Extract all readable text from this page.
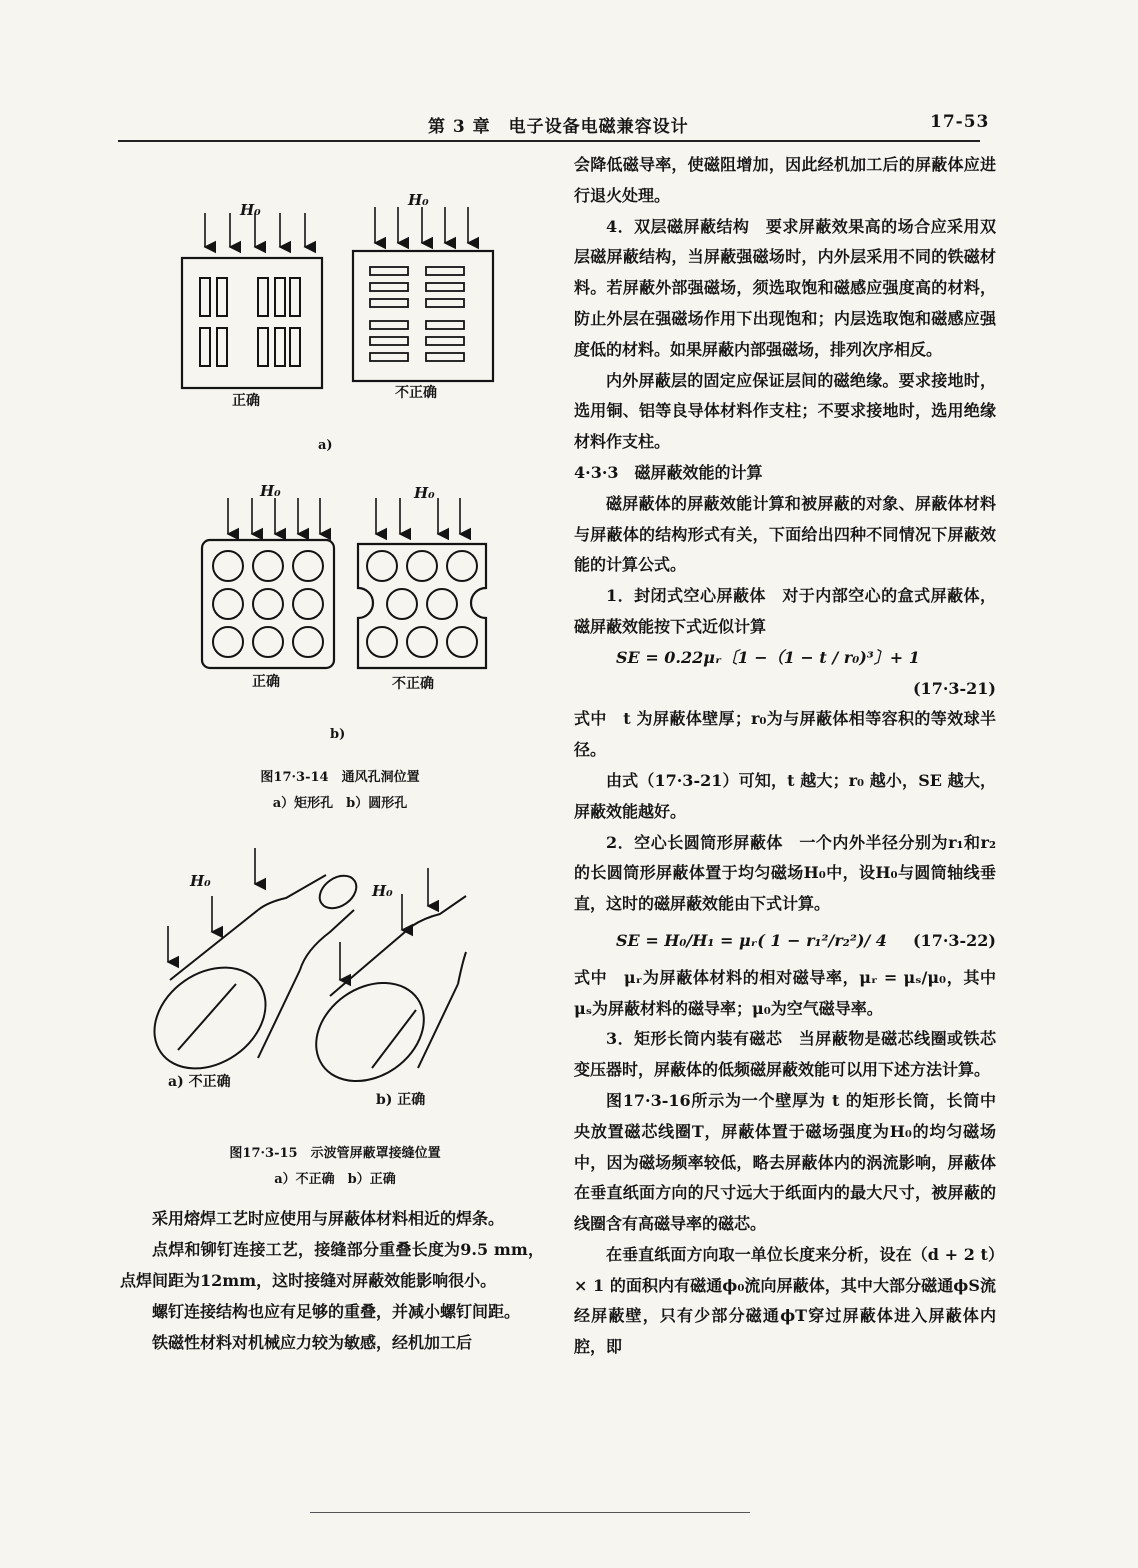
第 3 章　电子设备电磁兼容设计	17-53
H₀
正确
H₀
不正确
a)
H₀
正确
H₀
不正确
b)
图17·3-14　通风孔洞位置
a）矩形孔　b）圆形孔
H₀
a) 不正确
H₀
b) 正确
图17·3-15　示波管屏蔽罩接缝位置
a）不正确　b）正确

采用熔焊工艺时应使用与屏蔽体材料相近的焊条。

点焊和铆钉连接工艺，接缝部分重叠长度为9.5 mm，点焊间距为12mm，这时接缝对屏蔽效能影响很小。

螺钉连接结构也应有足够的重叠，并减小螺钉间距。

铁磁性材料对机械应力较为敏感，经机加工后

会降低磁导率，使磁阻增加，因此经机加工后的屏蔽体应进行退火处理。

4．双层磁屏蔽结构　要求屏蔽效果高的场合应采用双层磁屏蔽结构，当屏蔽强磁场时，内外层采用不同的铁磁材料。若屏蔽外部强磁场，须选取饱和磁感应强度高的材料，防止外层在强磁场作用下出现饱和；内层选取饱和磁感应强度低的材料。如果屏蔽内部强磁场，排列次序相反。

内外屏蔽层的固定应保证层间的磁绝缘。要求接地时，选用铜、铝等良导体材料作支柱；不要求接地时，选用绝缘材料作支柱。

4·3·3　磁屏蔽效能的计算

磁屏蔽体的屏蔽效能计算和被屏蔽的对象、屏蔽体材料与屏蔽体的结构形式有关，下面给出四种不同情况下屏蔽效能的计算公式。

1．封闭式空心屏蔽体　对于内部空心的盒式屏蔽体，磁屏蔽效能按下式近似计算

SE = 0.22μᵣ〔1 −（1 − t / r₀)³〕+ 1

(17·3-21)

式中　t 为屏蔽体壁厚；r₀为与屏蔽体相等容积的等效球半径。

由式（17·3-21）可知，t 越大；r₀ 越小，SE 越大，屏蔽效能越好。

2．空心长圆筒形屏蔽体　一个内外半径分别为r₁和r₂ 的长圆筒形屏蔽体置于均匀磁场H₀中，设H₀与圆筒轴线垂直，这时的磁屏蔽效能由下式计算。

SE = H₀/H₁ = μᵣ( 1 − r₁²/r₂²)/ 4 (17·3-22)

式中　μᵣ为屏蔽体材料的相对磁导率，μᵣ = μₛ/μ₀，其中μₛ为屏蔽材料的磁导率；μ₀为空气磁导率。

3．矩形长筒内装有磁芯　当屏蔽物是磁芯线圈或铁芯变压器时，屏蔽体的低频磁屏蔽效能可以用下述方法计算。

图17·3-16所示为一个壁厚为 t 的矩形长筒，长筒中央放置磁芯线圈T，屏蔽体置于磁场强度为H₀的均匀磁场中，因为磁场频率较低，略去屏蔽体内的涡流影响，屏蔽体在垂直纸面方向的尺寸远大于纸面内的最大尺寸，被屏蔽的线圈含有高磁导率的磁芯。

在垂直纸面方向取一单位长度来分析，设在（d + 2 t）× 1 的面积内有磁通ϕ₀流向屏蔽体，其中大部分磁通ϕS流经屏蔽壁，只有少部分磁通ϕT穿过屏蔽体进入屏蔽体内腔，即
